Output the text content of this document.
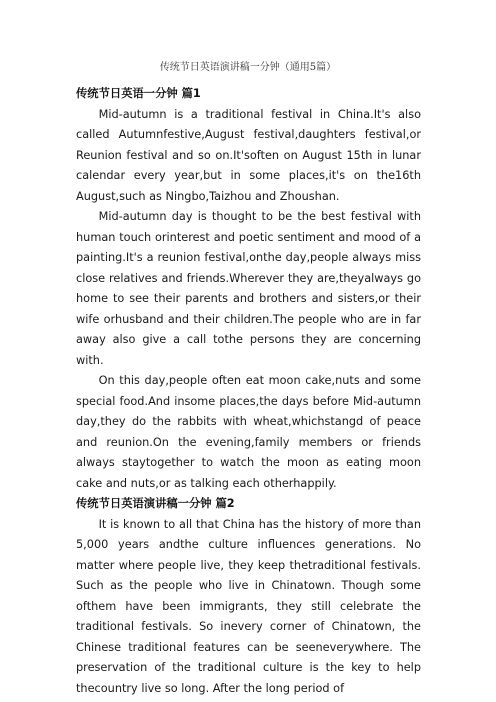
传统节日英语演讲稿一分钟（通用5篇）

传统节日英语一分钟 篇1

Mid-autumn is a traditional festival in China.It's also called Autumnfestive,August festival,daughters festival,or Reunion festival and so on.It'soften on August 15th in lunar calendar every year,but in some places,it's on the16th August,such as Ningbo,Taizhou and Zhoushan.

Mid-autumn day is thought to be the best festival with human touch orinterest and poetic sentiment and mood of a painting.It's a reunion festival,onthe day,people always miss close relatives and friends.Wherever they are,theyalways go home to see their parents and brothers and sisters,or their wife orhusband and their children.The people who are in far away also give a call tothe persons they are concerning with.

On this day,people often eat moon cake,nuts and some special food.And insome places,the days before Mid-autumn day,they do the rabbits with wheat,whichstangd of peace and reunion.On the evening,family members or friends always staytogether to watch the moon as eating moon cake and nuts,or as talking each otherhappily.

传统节日英语演讲稿一分钟 篇2

It is known to all that China has the history of more than 5,000 years andthe culture influences generations. No matter where people live, they keep thetraditional festivals. Such as the people who live in Chinatown. Though some ofthem have been immigrants, they still celebrate the traditional festivals. So inevery corner of Chinatown, the Chinese traditional features can be seeneverywhere. The preservation of the traditional culture is the key to help thecountry live so long. After the long period of
